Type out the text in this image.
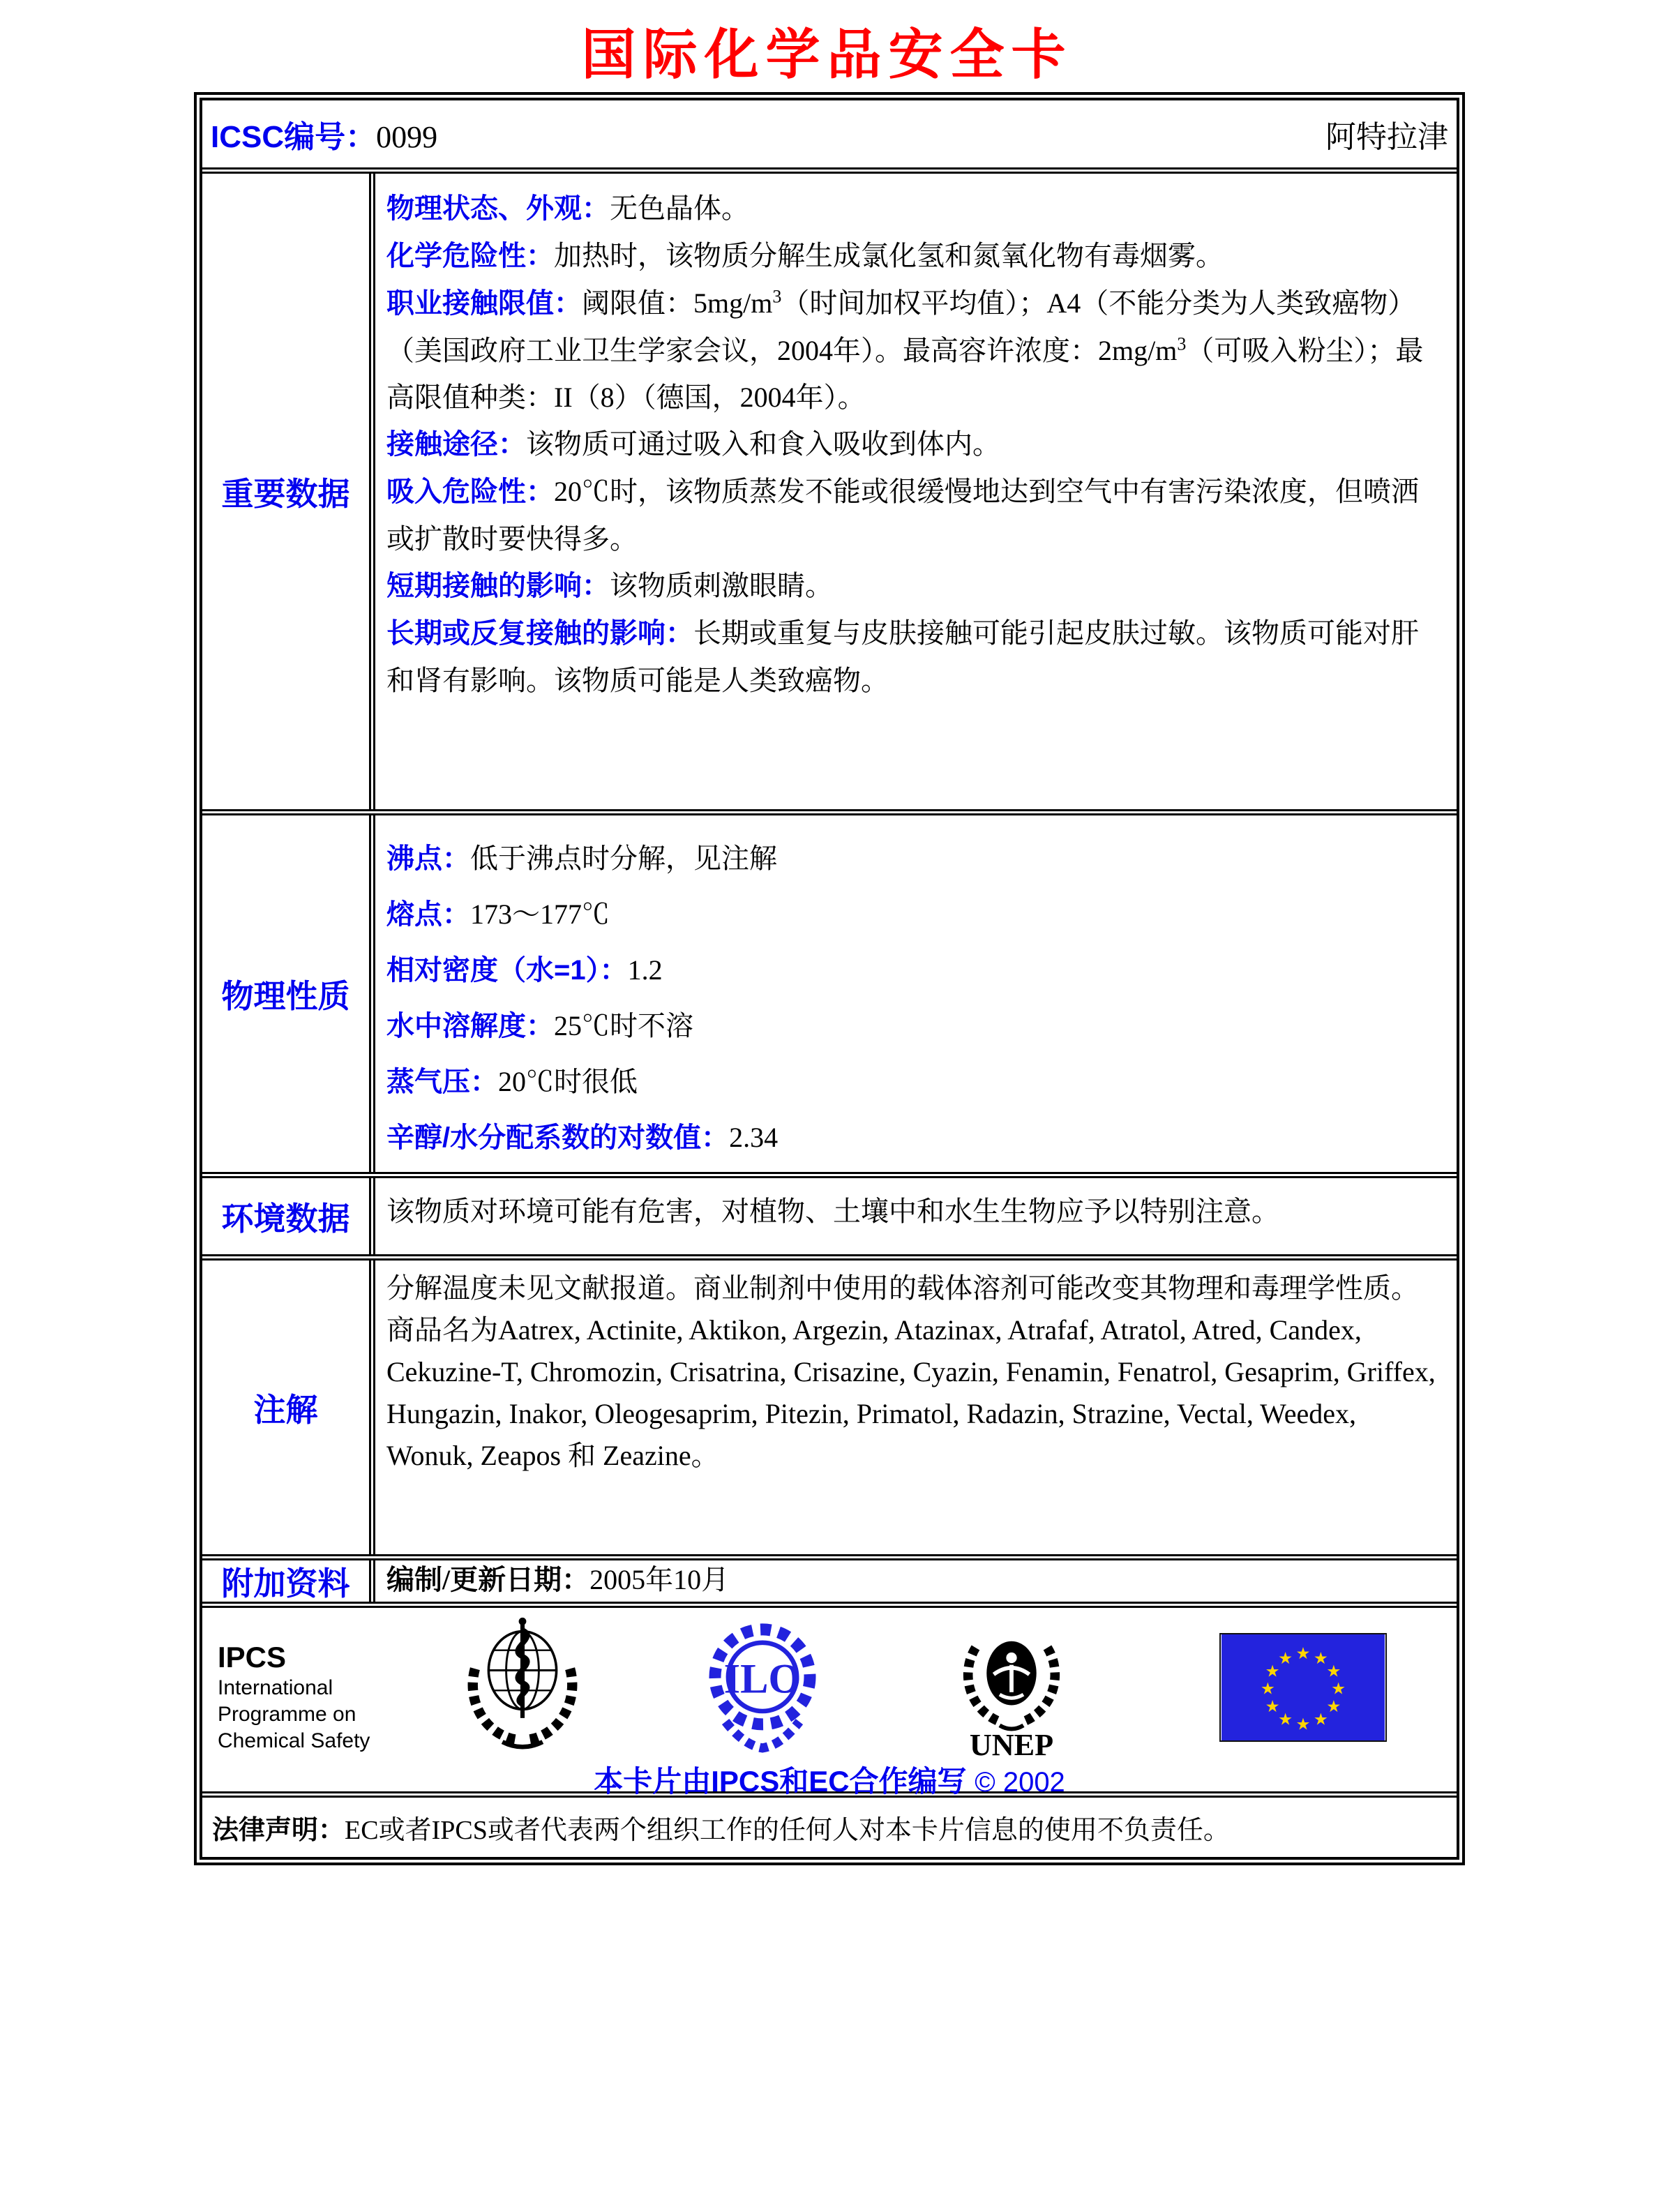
国际化学品安全卡
ICSC编号：0099	阿特拉津
重要数据
物理状态、外观：无色晶体。
化学危险性：加热时，该物质分解生成氯化氢和氮氧化物有毒烟雾。
职业接触限值：阈限值：$5mg/m^3$（时间加权平均值）；A4（不能分类为人类致癌物）（美国政府工业卫生学家会议，2004年）。最高容许浓度：$2mg/m^3$（可吸入粉尘）；最高限值种类：II（8）（德国，2004年）。
接触途径：该物质可通过吸入和食入吸收到体内。
吸入危险性：20℃时，该物质蒸发不能或很缓慢地达到空气中有害污染浓度，但喷洒或扩散时要快得多。
短期接触的影响：该物质刺激眼睛。
长期或反复接触的影响：长期或重复与皮肤接触可能引起皮肤过敏。该物质可能对肝和肾有影响。该物质可能是人类致癌物。
物理性质
沸点：低于沸点时分解，见注解
熔点：173～177℃
相对密度（水=1）：1.2
水中溶解度：25℃时不溶
蒸气压：20℃时很低
辛醇/水分配系数的对数值：2.34
环境数据 该物质对环境可能有危害，对植物、土壤中和水生生物应予以特别注意。
注解
分解温度未见文献报道。商业制剂中使用的载体溶剂可能改变其物理和毒理学性质。商品名为Aatrex, Actinite, Aktikon, Argezin, Atazinax, Atrafaf, Atratol, Atred, Candex, Cekuzine-T, Chromozin, Crisatrina, Crisazine, Cyazin, Fenamin, Fenatrol, Gesaprim, Griffex, Hungazin, Inakor, Oleogesaprim, Pitezin, Primatol, Radazin, Strazine, Vectal, Weedex, Wonuk, Zeapos 和 Zeazine。
附加资料 编制/更新日期：2005年10月
IPCS
International
Programme on
Chemical Safety
ILO
UNEP
★ ★
★
★
★
★
★
★
★
★
★
★
本卡片由IPCS和EC合作编写 © 2002
法律声明：EC或者IPCS或者代表两个组织工作的任何人对本卡片信息的使用不负责任。
